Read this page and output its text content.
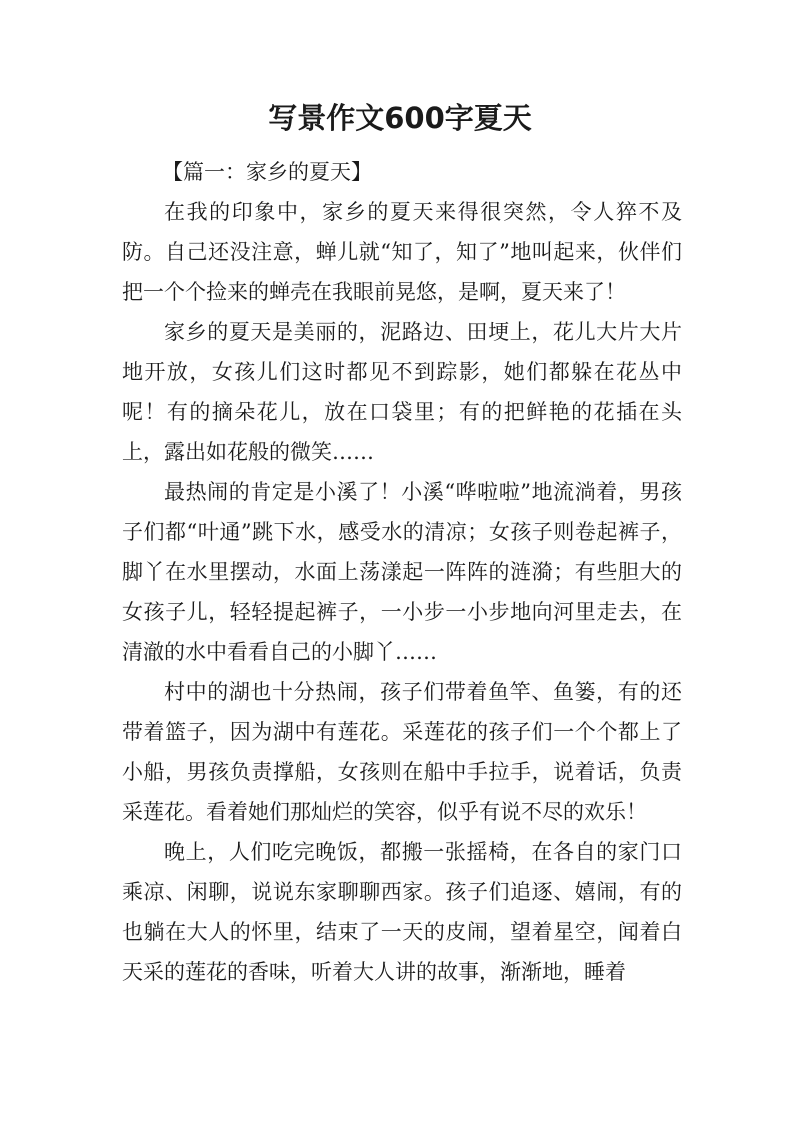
写景作文600字夏天

【篇一：家乡的夏天】

在我的印象中，家乡的夏天来得很突然，令人猝不及防。自己还没注意，蝉儿就“知了，知了”地叫起来，伙伴们把一个个捡来的蝉壳在我眼前晃悠，是啊，夏天来了！

家乡的夏天是美丽的，泥路边、田埂上，花儿大片大片地开放，女孩儿们这时都见不到踪影，她们都躲在花丛中呢！有的摘朵花儿，放在口袋里；有的把鲜艳的花插在头上，露出如花般的微笑……

最热闹的肯定是小溪了！小溪“哗啦啦”地流淌着，男孩子们都“叶通”跳下水，感受水的清凉；女孩子则卷起裤子，脚丫在水里摆动，水面上荡漾起一阵阵的涟漪；有些胆大的女孩子儿，轻轻提起裤子，一小步一小步地向河里走去，在清澈的水中看看自己的小脚丫……

村中的湖也十分热闹，孩子们带着鱼竿、鱼篓，有的还带着篮子，因为湖中有莲花。采莲花的孩子们一个个都上了小船，男孩负责撑船，女孩则在船中手拉手，说着话，负责采莲花。看着她们那灿烂的笑容，似乎有说不尽的欢乐！

晚上，人们吃完晚饭，都搬一张摇椅，在各自的家门口乘凉、闲聊，说说东家聊聊西家。孩子们追逐、嬉闹，有的也躺在大人的怀里，结束了一天的皮闹，望着星空，闻着白天采的莲花的香味，听着大人讲的故事，渐渐地，睡着
